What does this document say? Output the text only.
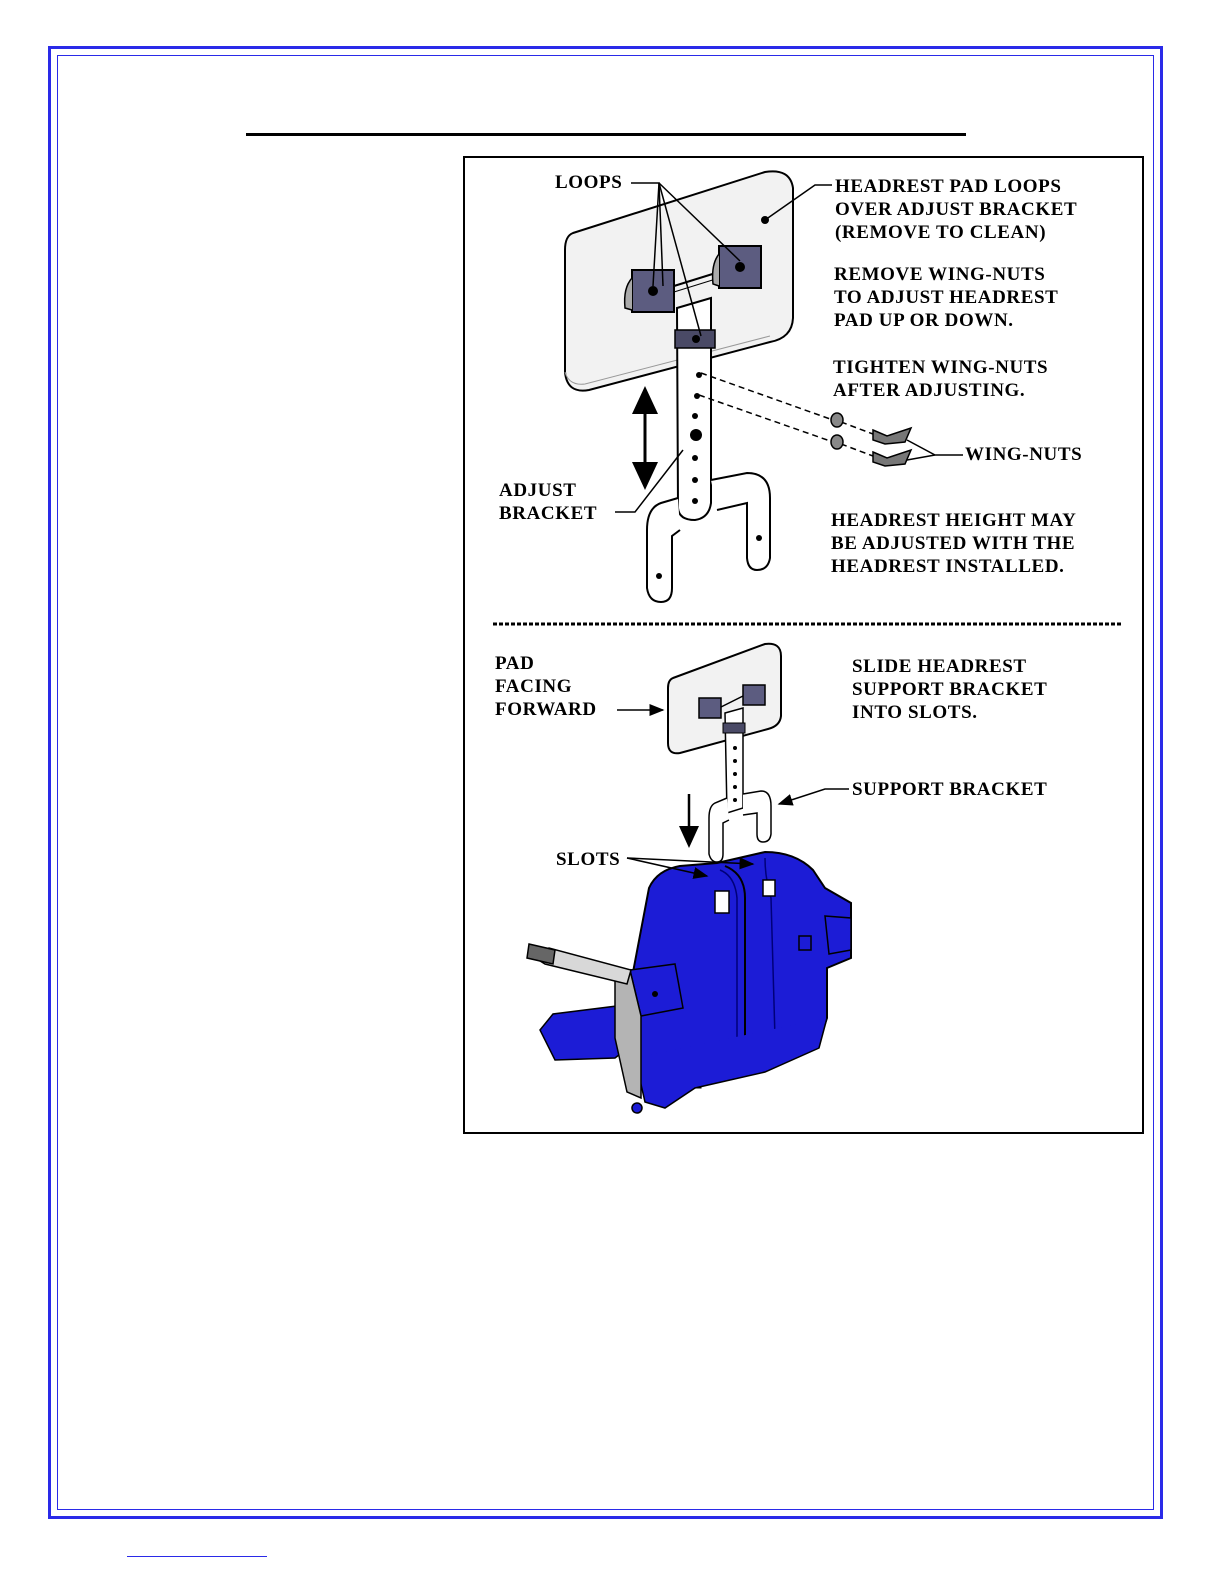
LOOPS	HEADREST PAD LOOPS
OVER ADJUST BRACKET
(REMOVE TO CLEAN)

REMOVE WING-NUTS
TO ADJUST HEADREST
PAD UP OR DOWN.

TIGHTEN WING-NUTS
AFTER ADJUSTING.

WING-NUTS

ADJUST
BRACKET	HEADREST HEIGHT MAY
BE ADJUSTED WITH THE
HEADREST INSTALLED.

PAD
FACING
FORWARD

SLIDE HEADREST
SUPPORT BRACKET
INTO SLOTS.

SUPPORT BRACKET

SLOTS
